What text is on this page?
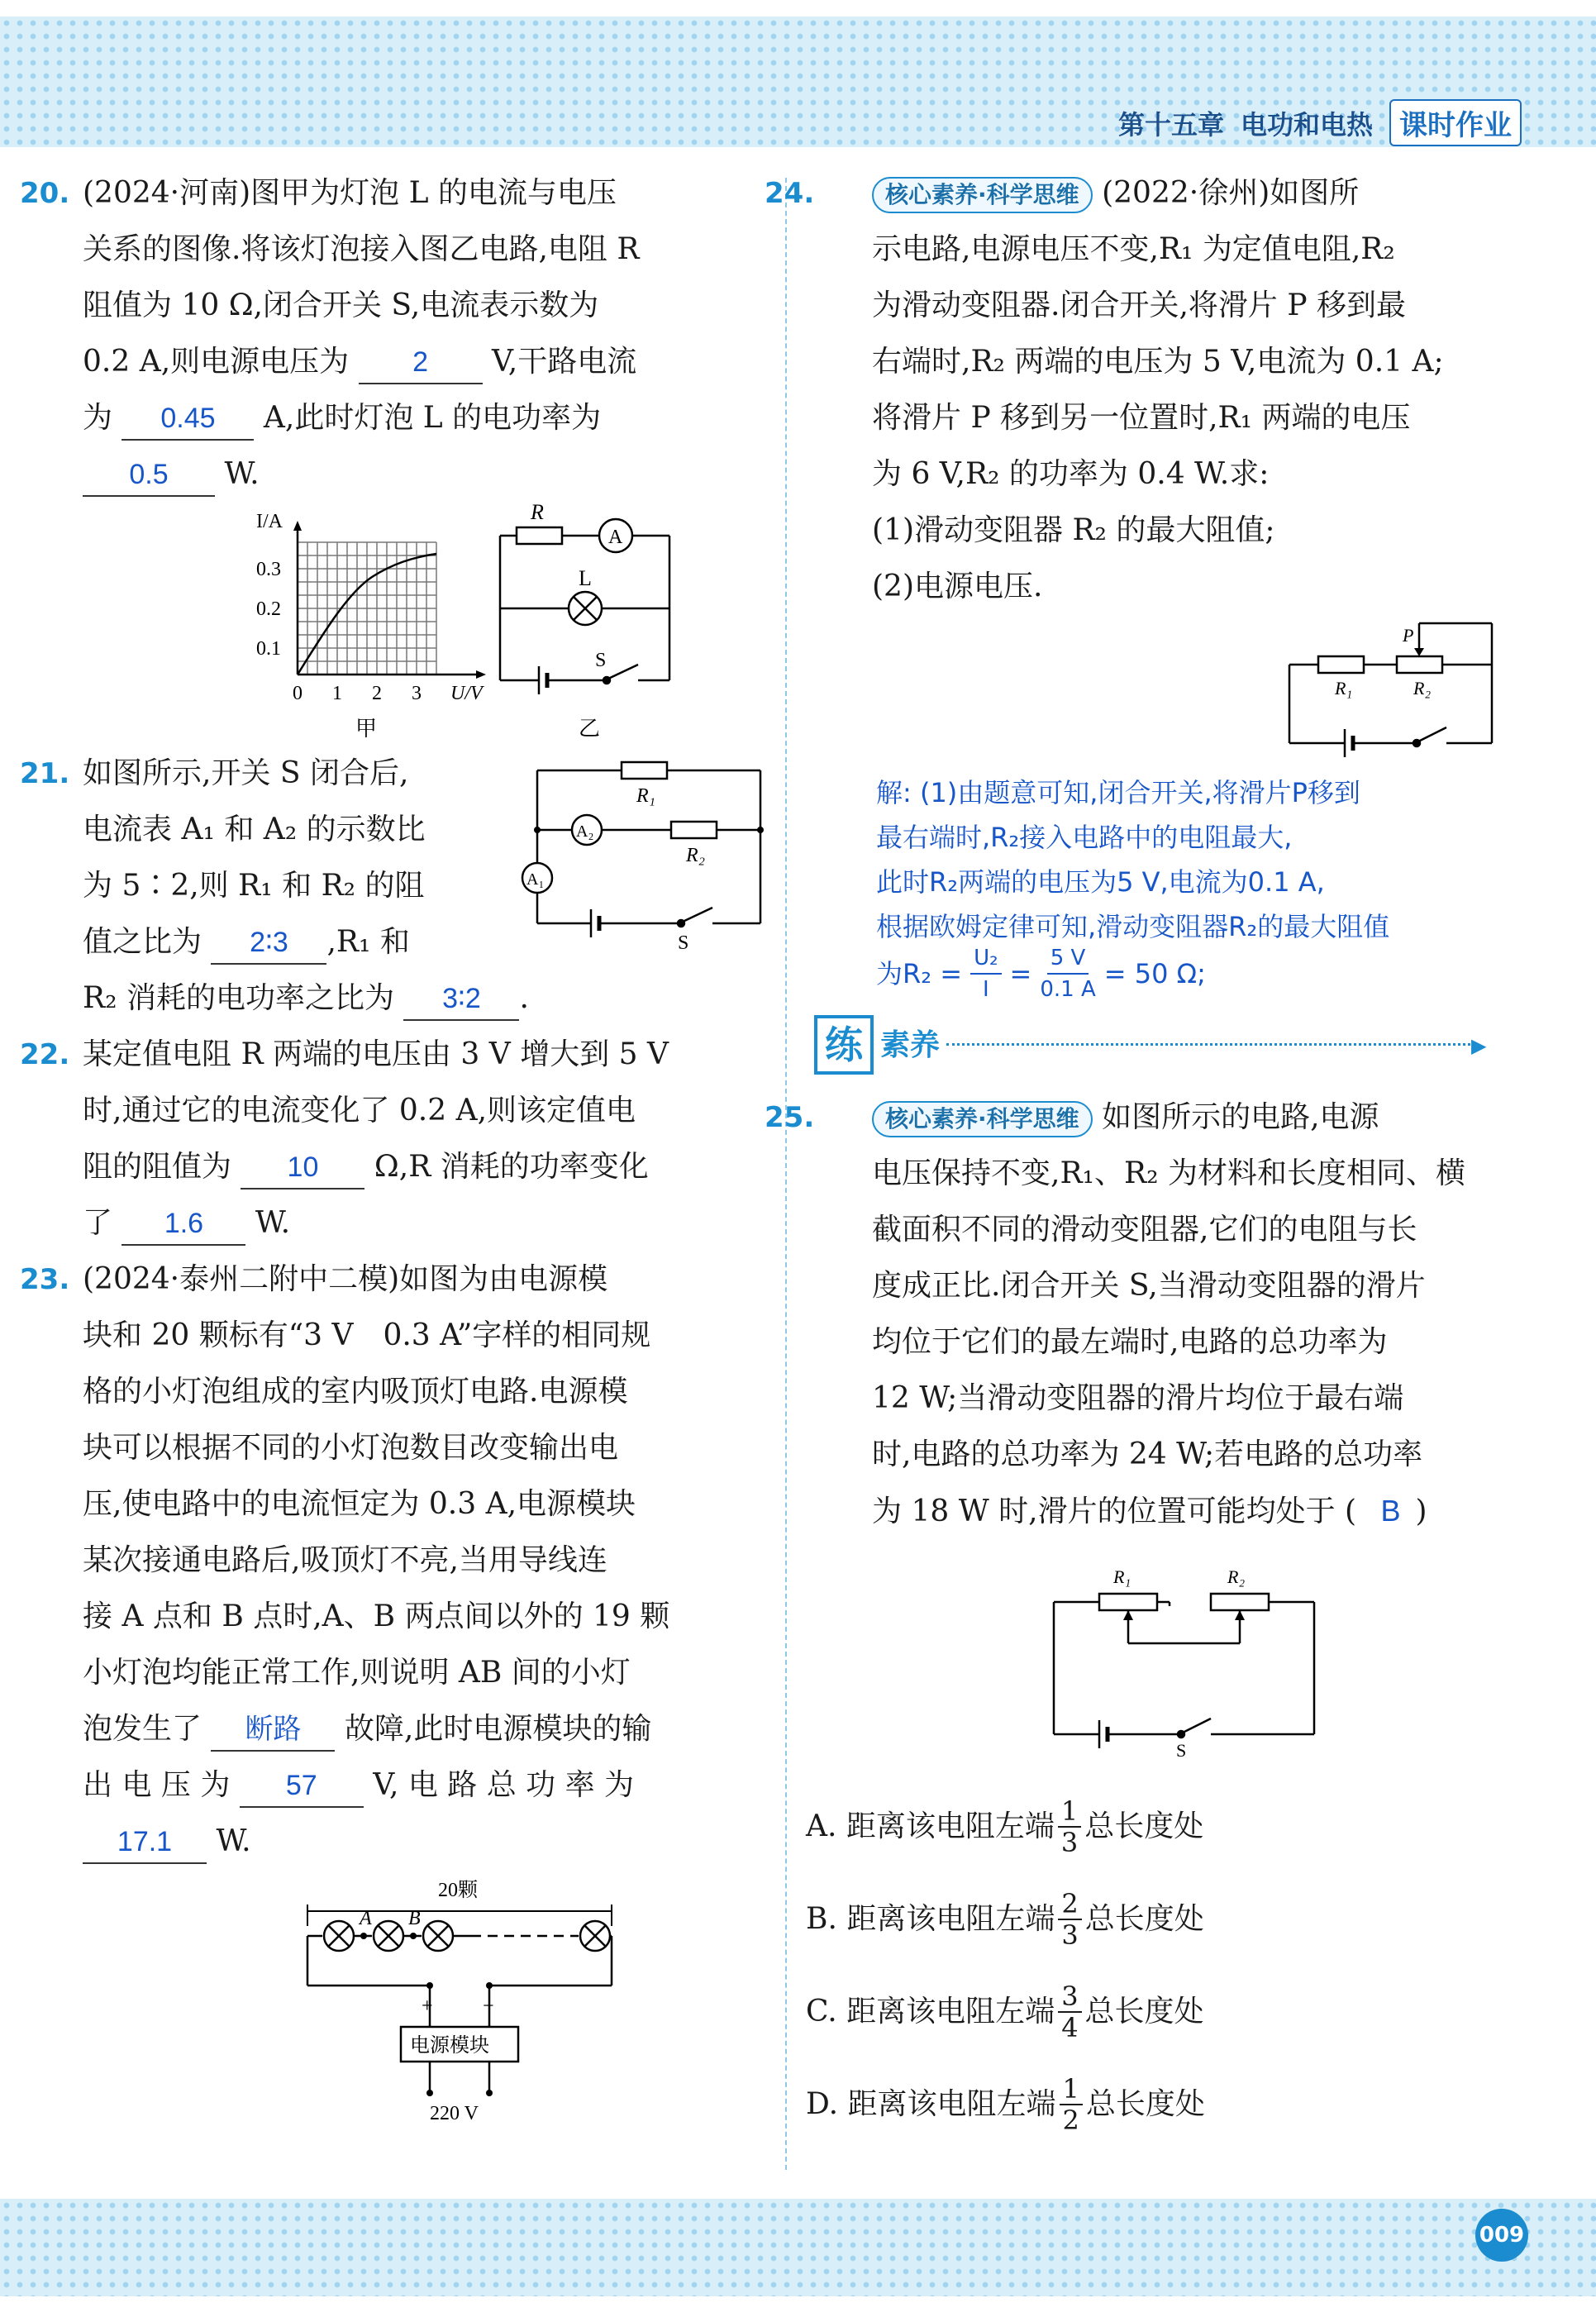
第十五章 电功和电热 课时作业
20. (2024·河南)图甲为灯泡 L 的电流与电压
关系的图像.将该灯泡接入图乙电路,电阻 R
阻值为 10 Ω,闭合开关 S,电流表示数为
0.2 A,则电源电压为 2 V,干路电流
为 0.45 A,此时灯泡 L 的电功率为
0.5 W.
I/A
0.3
0.2
0.1
0 1 2 3 U/V
甲
R
A
L
S
乙
21.
R₁
R₂
A₂
A₁
S
如图所示,开关 S 闭合后,
电流表 A₁ 和 A₂ 的示数比
为 5∶2,则 R₁ 和 R₂ 的阻
值之比为 2∶3 ,R₁ 和
R₂ 消耗的电功率之比为 3∶2 .
22. 某定值电阻 R 两端的电压由 3 V 增大到 5 V
时,通过它的电流变化了 0.2 A,则该定值电
阻的阻值为 10 Ω,R 消耗的功率变化
了 1.6 W.
23. (2024·泰州二附中二模)如图为由电源模
块和 20 颗标有“3 V　0.3 A”字样的相同规
格的小灯泡组成的室内吸顶灯电路.电源模
块可以根据不同的小灯泡数目改变输出电
压,使电路中的电流恒定为 0.3 A,电源模块
某次接通电路后,吸顶灯不亮,当用导线连
接 A 点和 B 点时,A、B 两点间以外的 19 颗
小灯泡均能正常工作,则说明 AB 间的小灯
泡发生了 断路 故障,此时电源模块的输
出 电 压 为 57 V, 电 路 总 功 率 为
17.1 W.
20颗
A B
+	−
电源模块
220 V
24.	核心素养·科学思维 (2022·徐州)如图所
示电路,电源电压不变,R₁ 为定值电阻,R₂
为滑动变阻器.闭合开关,将滑片 P 移到最
右端时,R₂ 两端的电压为 5 V,电流为 0.1 A;
将滑片 P 移到另一位置时,R₁ 两端的电压
为 6 V,R₂ 的功率为 0.4 W.求:
(1)滑动变阻器 R₂ 的最大阻值;
(2)电源电压.
R₁	R₂
P
解: (1)由题意可知,闭合开关,将滑片P移到
最右端时,R₂接入电路中的电阻最大,
此时R₂两端的电压为5 V,电流为0.1 A,
根据欧姆定律可知,滑动变阻器R₂的最大阻值
为$R_2 = \frac{\text{U₂}}{I} = \frac{5 V}{0.1 A} = 50$ Ω;
练 素养	▶
25.	核心素养·科学思维 如图所示的电路,电源
电压保持不变,R₁、R₂ 为材料和长度相同、横
截面积不同的滑动变阻器,它们的电阻与长
度成正比.闭合开关 S,当滑动变阻器的滑片
均位于它们的最左端时,电路的总功率为
12 W;当滑动变阻器的滑片均位于最右端
时,电路的总功率为 24 W;若电路的总功率
为 18 W 时,滑片的位置可能均处于 ( B )
R₁	R₂
S
A.
距离该电阻左端 $\frac{1}{3}$ 总长度处
B.
距离该电阻左端 $\frac{2}{3}$ 总长度处
C.
距离该电阻左端 $\frac{3}{4}$ 总长度处
D.
距离该电阻左端 $\frac{1}{2}$ 总长度处
009
